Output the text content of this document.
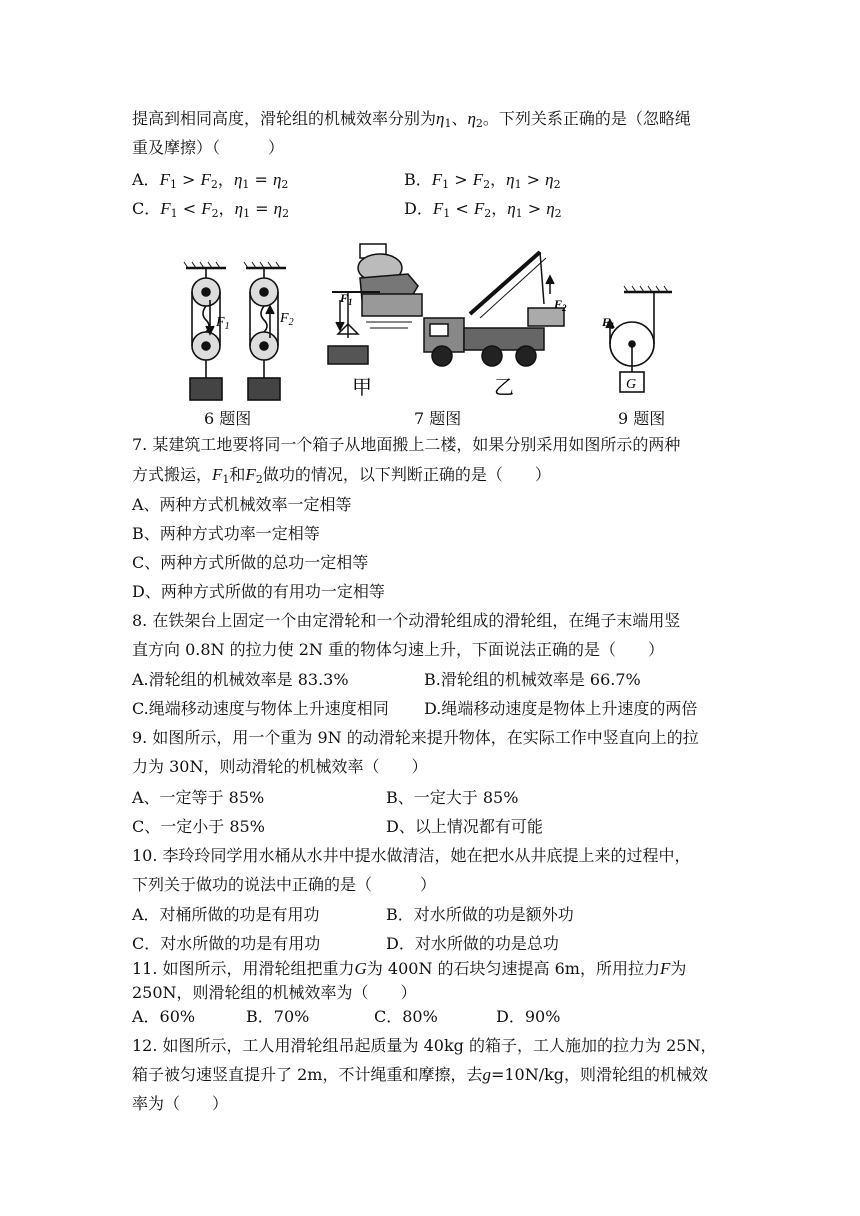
提高到相同高度，滑轮组的机械效率分别为$\eta_1$、$\eta_2$。下列关系正确的是（忽略绳
重及摩擦）（　　　）
A．$F_1 > F_2$，$\eta_1 = \eta_2$	B．$F_1 > F_2$，$\eta_1 > \eta_2$
C．$F_1 < F_2$，$\eta_1 = \eta_2$	D．$F_1 < F_2$，$\eta_1 > \eta_2$
$F_1$
$F_2$
$F_1$
甲
$F_2$
乙
$F_1$
G
6 题图	7 题图	9 题图
7. 某建筑工地要将同一个箱子从地面搬上二楼，如果分别采用如图所示的两种
方式搬运，$F_1$和$F_2$做功的情况，以下判断正确的是（　　）
A、两种方式机械效率一定相等
B、两种方式功率一定相等
C、两种方式所做的总功一定相等
D、两种方式所做的有用功一定相等
8. 在铁架台上固定一个由定滑轮和一个动滑轮组成的滑轮组，在绳子末端用竖
直方向 0.8N 的拉力使 2N 重的物体匀速上升，下面说法正确的是（　　）
A.滑轮组的机械效率是 83.3%	B.滑轮组的机械效率是 66.7%
C.绳端移动速度与物体上升速度相同 D.绳端移动速度是物体上升速度的两倍
9. 如图所示，用一个重为 9N 的动滑轮来提升物体，在实际工作中竖直向上的拉
力为 30N，则动滑轮的机械效率（　　）
A、一定等于 85%	B、一定大于 85%
C、一定小于 85%	D、以上情况都有可能
10. 李玲玲同学用水桶从水井中提水做清洁，她在把水从井底提上来的过程中，
下列关于做功的说法中正确的是（　　　）
A．对桶所做的功是有用功	B．对水所做的功是额外功
C．对水所做的功是有用功	D．对水所做的功是总功
11. 如图所示，用滑轮组把重力G为 400N 的石块匀速提高 6m，所用拉力F为
250N，则滑轮组的机械效率为（　　）
A．60%	B．70%	C．80%	D．90%
12. 如图所示，工人用滑轮组吊起质量为 40kg 的箱子，工人施加的拉力为 25N，
箱子被匀速竖直提升了 2m，不计绳重和摩擦，去g=10N/kg，则滑轮组的机械效
率为（　　）
